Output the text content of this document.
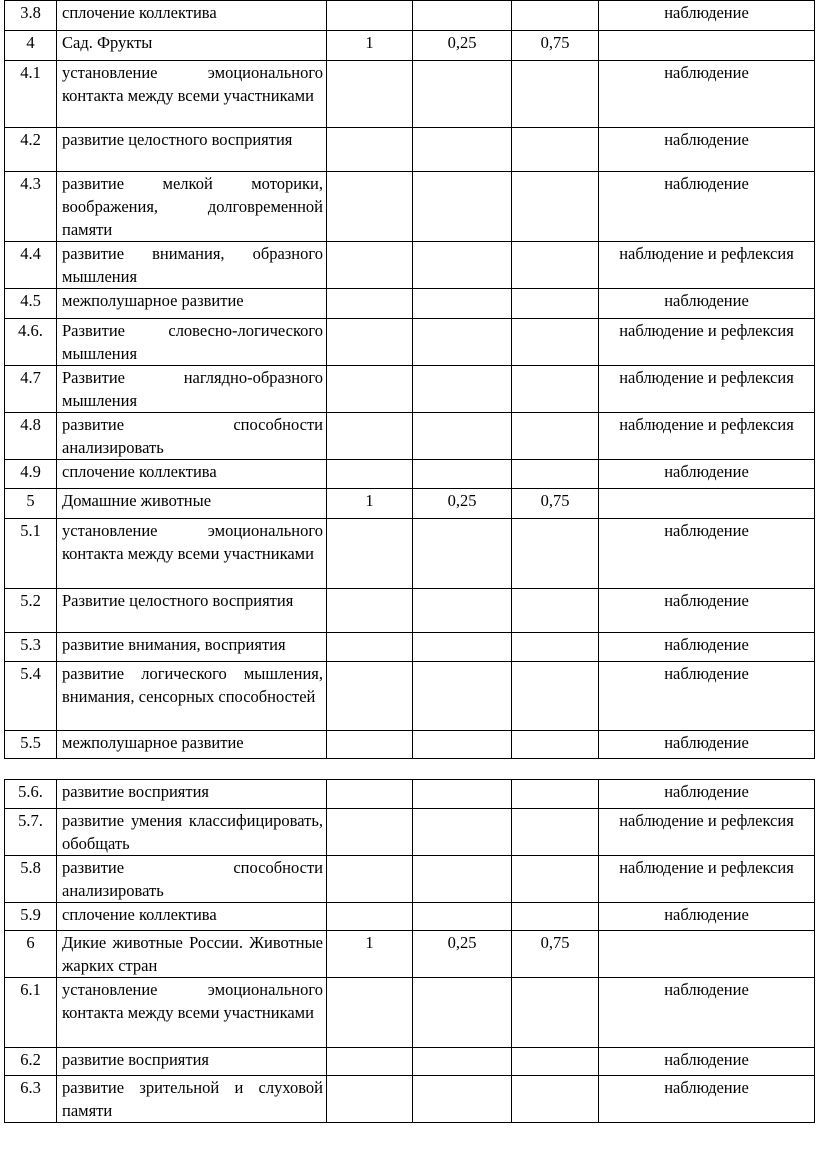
3.8	сплочение коллектива				наблюдение
4	Сад. Фрукты	1	0,25	0,75	
4.1	установление эмоционального контакта между всеми участниками				наблюдение
4.2	развитие целостного восприятия				наблюдение
4.3	развитие мелкой моторики, воображения, долговременной памяти				наблюдение
4.4	развитие внимания, образного мышления				наблюдение и рефлексия
4.5	межполушарное развитие				наблюдение
4.6.	Развитие словесно-логического мышления				наблюдение и рефлексия
4.7	Развитие наглядно-образного мышления				наблюдение и рефлексия
4.8	развитие способности анализировать				наблюдение и рефлексия
4.9	сплочение коллектива				наблюдение
5	Домашние животные	1	0,25	0,75	
5.1	установление эмоционального контакта между всеми участниками				наблюдение
5.2	Развитие целостного восприятия				наблюдение
5.3	развитие внимания, восприятия				наблюдение
5.4	развитие логического мышления, внимания, сенсорных способностей				наблюдение
5.5	межполушарное развитие				наблюдение
5.6.	развитие восприятия				наблюдение
5.7.	развитие умения классифицировать, обобщать				наблюдение и рефлексия
5.8	развитие способности анализировать				наблюдение и рефлексия
5.9	сплочение коллектива				наблюдение
6	Дикие животные России. Животные жарких стран	1	0,25	0,75	
6.1	установление эмоционального контакта между всеми участниками				наблюдение
6.2	развитие восприятия				наблюдение
6.3	развитие зрительной и слуховой памяти				наблюдение
